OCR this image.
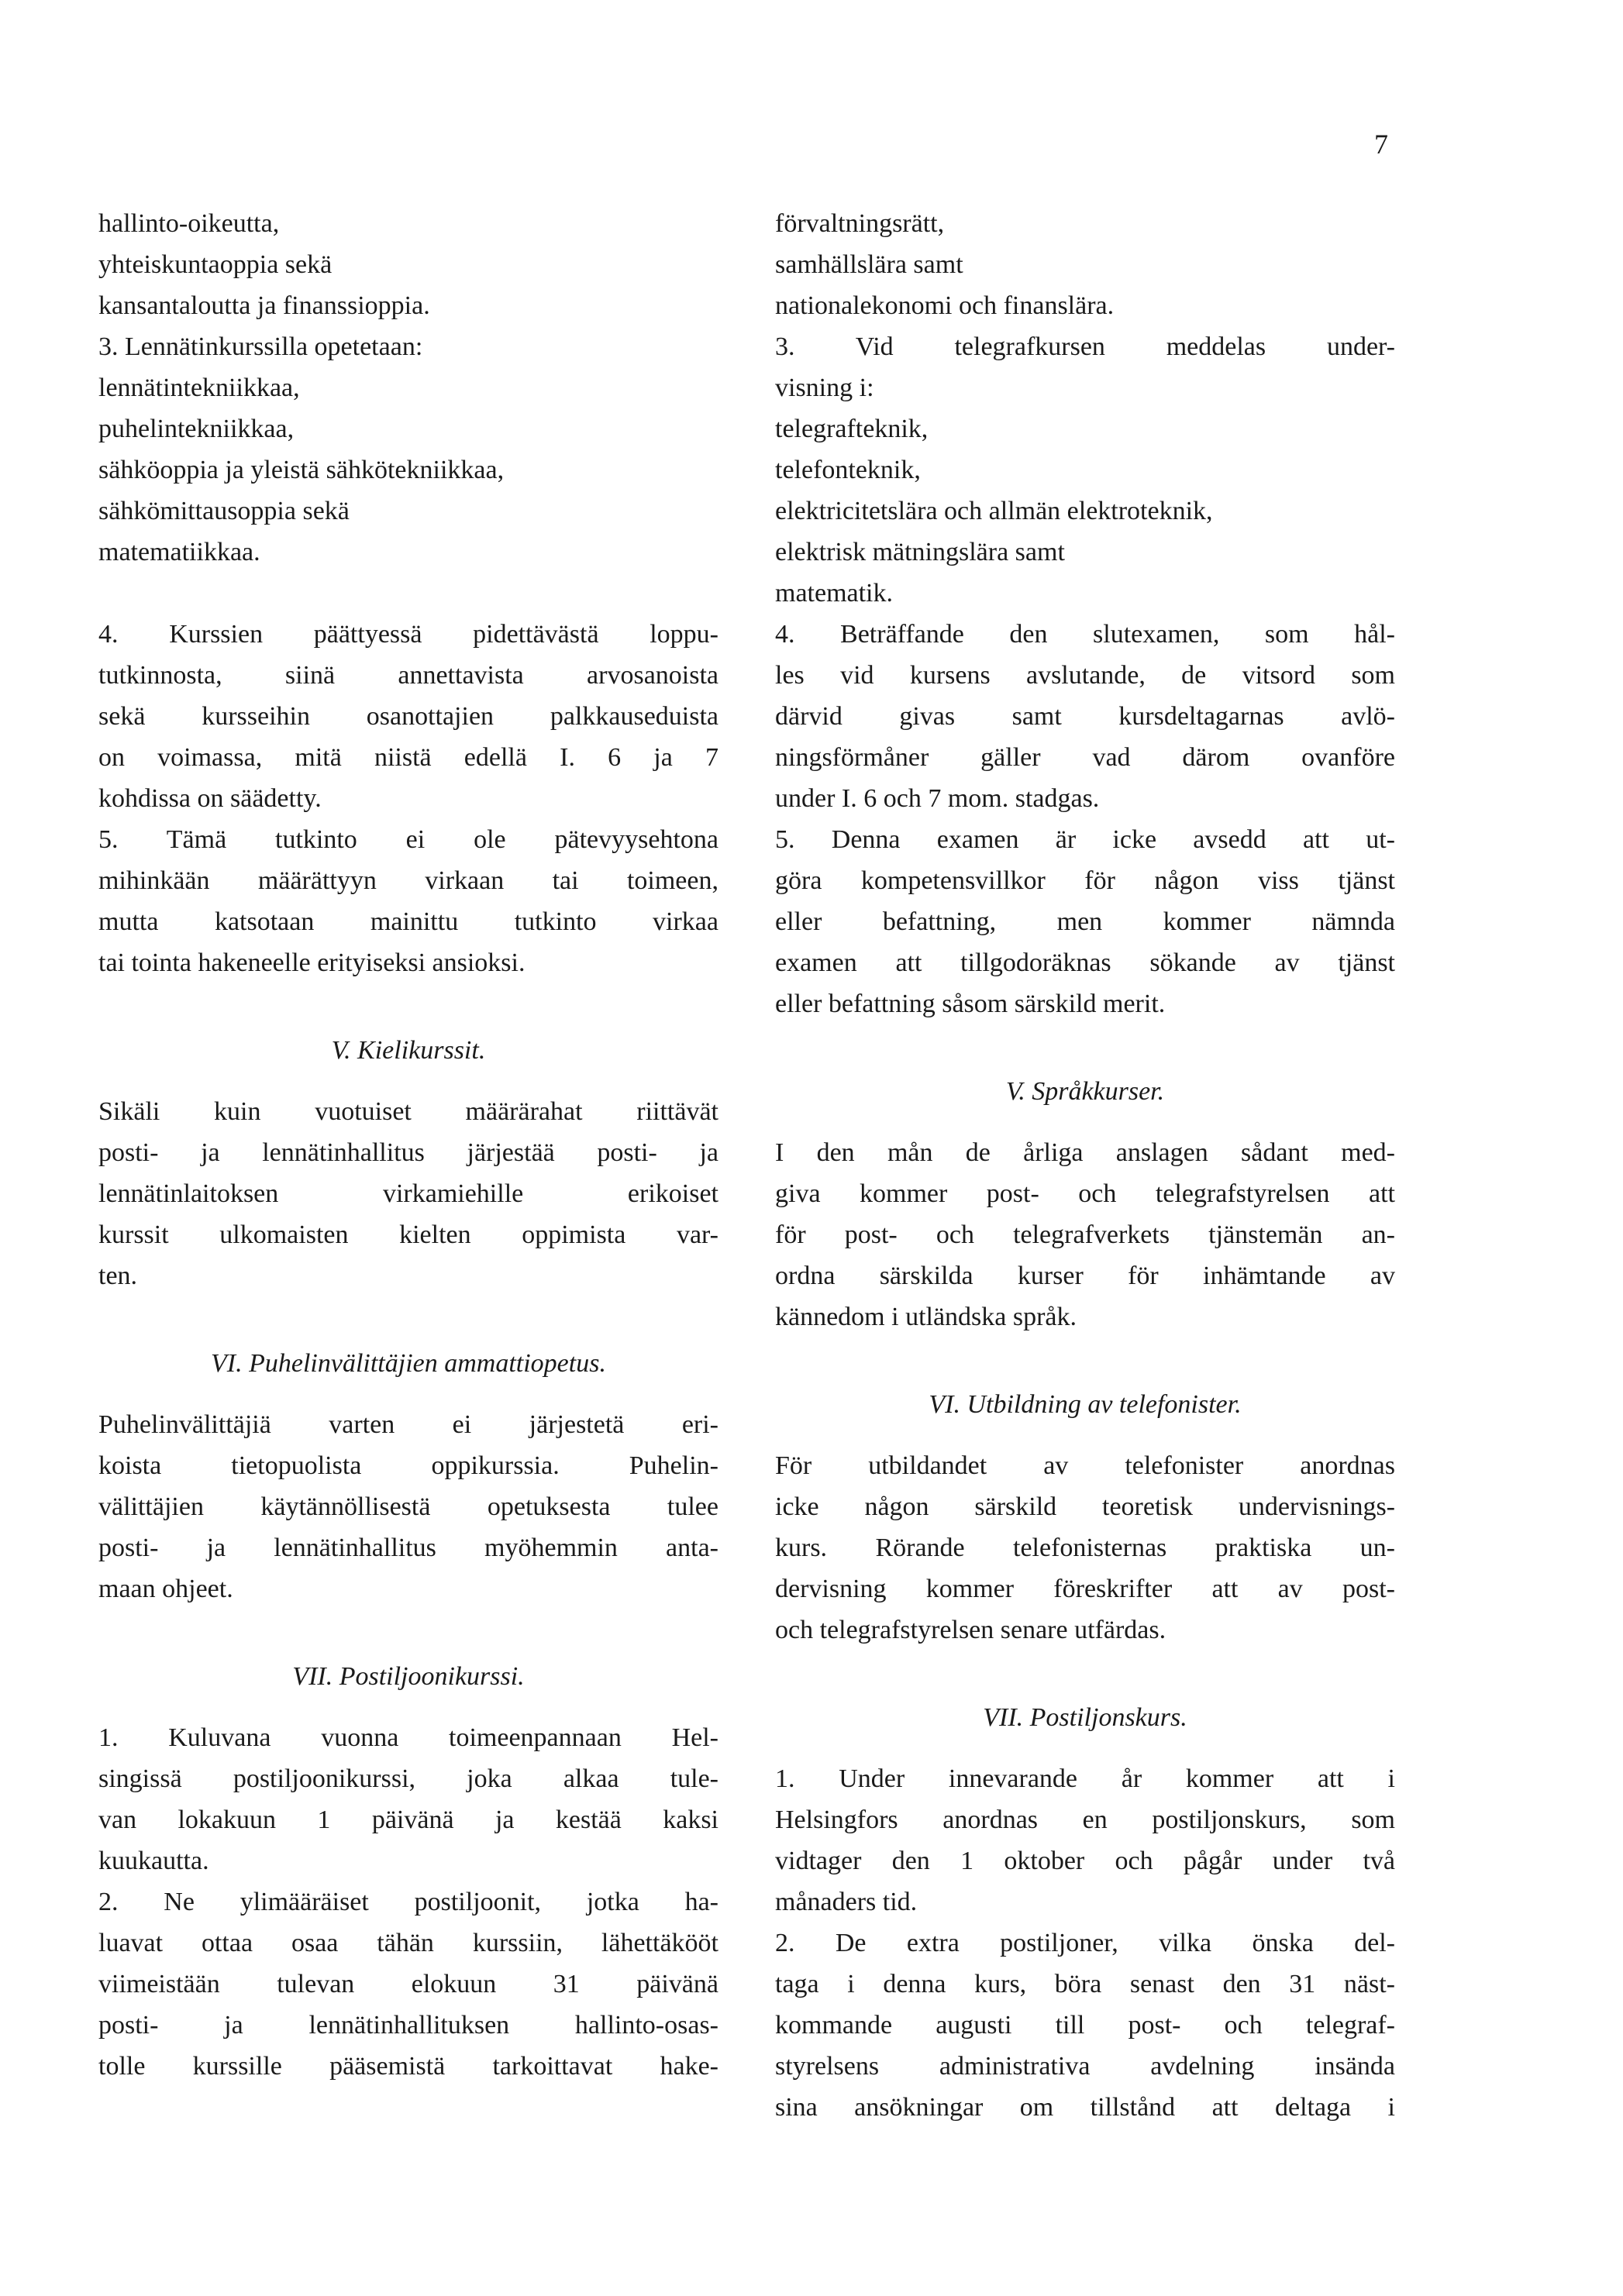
7
hallinto-oikeutta,
yhteiskuntaoppia sekä
kansantaloutta ja finanssioppia.
3. Lennätinkurssilla opetetaan:
lennätintekniikkaa,
puhelintekniikkaa,
sähköoppia ja yleistä sähkötekniikkaa,
sähkömittausoppia sekä
matematiikkaa.
4. Kurssien päättyessä pidettävästä loppu-
tutkinnosta, siinä annettavista arvosanoista
sekä kursseihin osanottajien palkkauseduista
on voimassa, mitä niistä edellä I. 6 ja 7
kohdissa on säädetty.
5. Tämä tutkinto ei ole pätevyysehtona
mihinkään määrättyyn virkaan tai toimeen,
mutta katsotaan mainittu tutkinto virkaa
tai tointa hakeneelle erityiseksi ansioksi.
V. Kielikurssit.
Sikäli kuin vuotuiset määrärahat riittävät
posti- ja lennätinhallitus järjestää posti- ja
lennätinlaitoksen virkamiehille erikoiset
kurssit ulkomaisten kielten oppimista var-
ten.
VI. Puhelinvälittäjien ammattiopetus.
Puhelinvälittäjiä varten ei järjestetä eri-
koista tietopuolista oppikurssia. Puhelin-
välittäjien käytännöllisestä opetuksesta tulee
posti- ja lennätinhallitus myöhemmin anta-
maan ohjeet.
VII. Postiljoonikurssi.
1. Kuluvana vuonna toimeenpannaan Hel-
singissä postiljoonikurssi, joka alkaa tule-
van lokakuun 1 päivänä ja kestää kaksi
kuukautta.
2. Ne ylimääräiset postiljoonit, jotka ha-
luavat ottaa osaa tähän kurssiin, lähettäkööt
viimeistään tulevan elokuun 31 päivänä
posti- ja lennätinhallituksen hallinto-osas-
tolle kurssille pääsemistä tarkoittavat hake-
förvaltningsrätt,
samhällslära samt
nationalekonomi och finanslära.
3. Vid telegrafkursen meddelas under-
visning i:
telegrafteknik,
telefonteknik,
elektricitetslära och allmän elektroteknik,
elektrisk mätningslära samt
matematik.
4. Beträffande den slutexamen, som hål-
les vid kursens avslutande, de vitsord som
därvid givas samt kursdeltagarnas avlö-
ningsförmåner gäller vad därom ovanföre
under I. 6 och 7 mom. stadgas.
5. Denna examen är icke avsedd att ut-
göra kompetensvillkor för någon viss tjänst
eller befattning, men kommer nämnda
examen att tillgodoräknas sökande av tjänst
eller befattning såsom särskild merit.
V. Språkkurser.
I den mån de årliga anslagen sådant med-
giva kommer post- och telegrafstyrelsen att
för post- och telegrafverkets tjänstemän an-
ordna särskilda kurser för inhämtande av
kännedom i utländska språk.
VI. Utbildning av telefonister.
För utbildandet av telefonister anordnas
icke någon särskild teoretisk undervisnings-
kurs. Rörande telefonisternas praktiska un-
dervisning kommer föreskrifter att av post-
och telegrafstyrelsen senare utfärdas.
VII. Postiljonskurs.
1. Under innevarande år kommer att i
Helsingfors anordnas en postiljonskurs, som
vidtager den 1 oktober och pågår under två
månaders tid.
2. De extra postiljoner, vilka önska del-
taga i denna kurs, böra senast den 31 näst-
kommande augusti till post- och telegraf-
styrelsens administrativa avdelning insända
sina ansökningar om tillstånd att deltaga i
